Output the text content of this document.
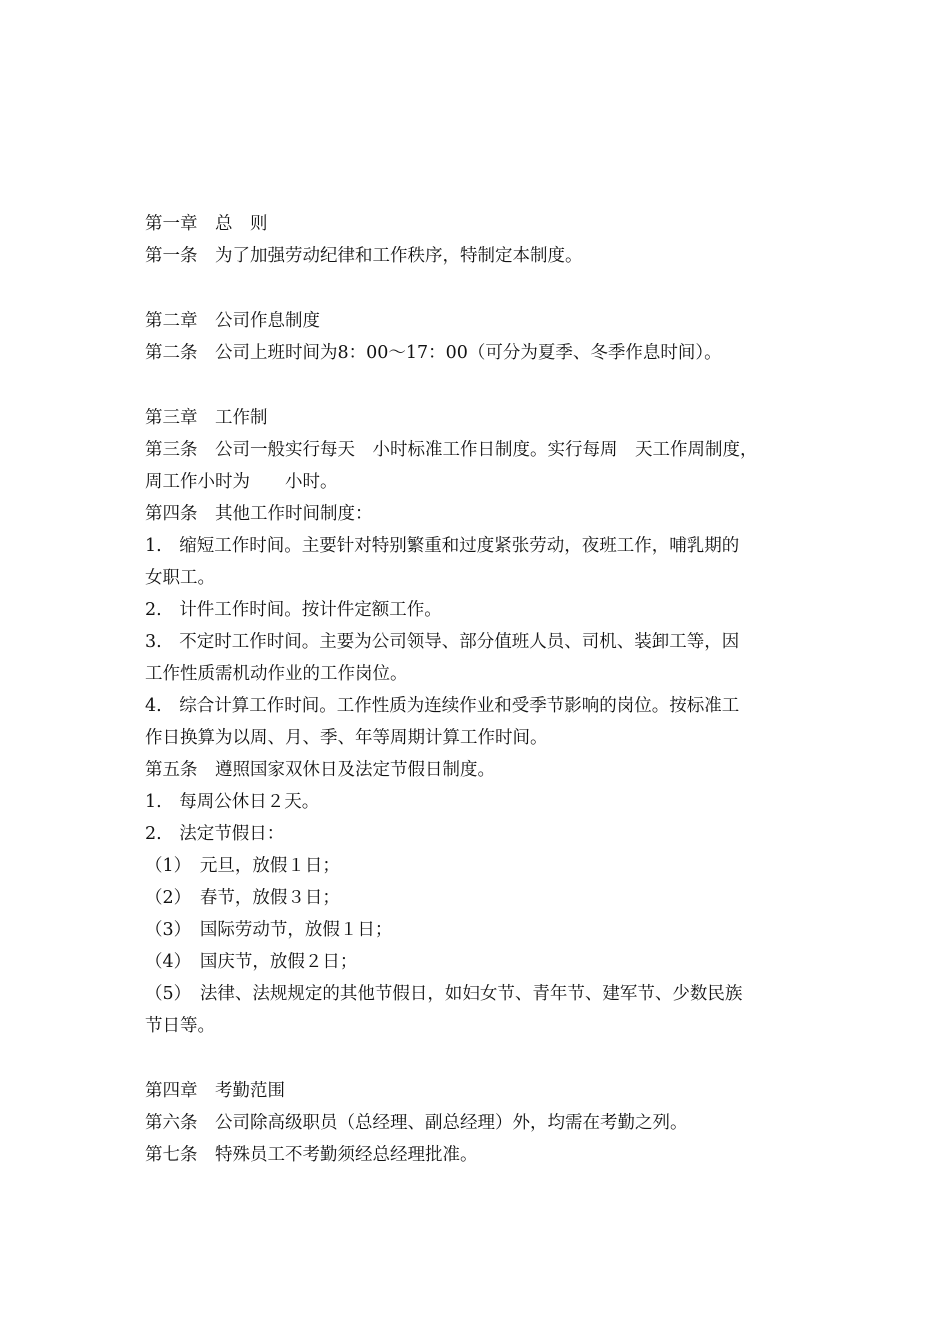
第一章　总　则
第一条　为了加强劳动纪律和工作秩序，特制定本制度。
第二章　公司作息制度
第二条　公司上班时间为8：00～17：00（可分为夏季、冬季作息时间）。
第三章　工作制
第三条　公司一般实行每天　小时标准工作日制度。实行每周　天工作周制度，
周工作小时为　　小时。
第四条　其他工作时间制度：
1.　缩短工作时间。主要针对特别繁重和过度紧张劳动，夜班工作，哺乳期的
女职工。
2.　计件工作时间。按计件定额工作。
3.　不定时工作时间。主要为公司领导、部分值班人员、司机、装卸工等，因
工作性质需机动作业的工作岗位。
4.　综合计算工作时间。工作性质为连续作业和受季节影响的岗位。按标准工
作日换算为以周、月、季、年等周期计算工作时间。
第五条　遵照国家双休日及法定节假日制度。
1.　每周公休日２天。
2.　法定节假日：
（1）　元旦，放假１日；
（2）　春节，放假３日；
（3）　国际劳动节，放假１日；
（4）　国庆节，放假２日；
（5）　法律、法规规定的其他节假日，如妇女节、青年节、建军节、少数民族
节日等。
第四章　考勤范围
第六条　公司除高级职员（总经理、副总经理）外，均需在考勤之列。
第七条　特殊员工不考勤须经总经理批准。
